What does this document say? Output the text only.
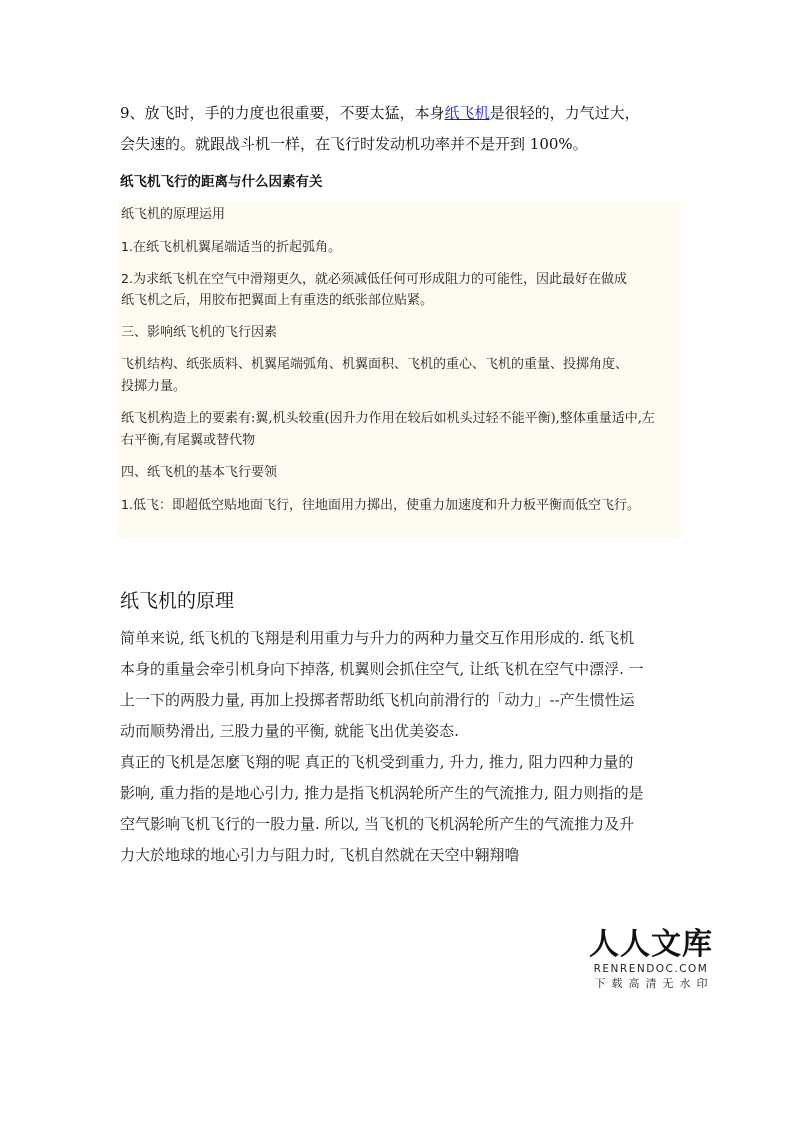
9、放飞时，手的力度也很重要，不要太猛，本身纸飞机是很轻的，力气过大，
会失速的。就跟战斗机一样，在飞行时发动机功率并不是开到 100%。
纸飞机飞行的距离与什么因素有关
纸飞机的原理运用
1.在纸飞机机翼尾端适当的折起弧角。
2.为求纸飞机在空气中滑翔更久，就必须减低任何可形成阻力的可能性，因此最好在做成
纸飞机之后，用胶布把翼面上有重迭的纸张部位贴紧。
三、影响纸飞机的飞行因素
飞机结构、纸张质料、机翼尾端弧角、机翼面积、飞机的重心、飞机的重量、投掷角度、
投掷力量。
纸飞机构造上的要素有:翼,机头较重(因升力作用在较后如机头过轻不能平衡),整体重量适中,左
右平衡,有尾翼或替代物
四、纸飞机的基本飞行要领
1.低飞：即超低空贴地面飞行，往地面用力掷出，使重力加速度和升力板平衡而低空飞行。
纸飞机的原理
简单来说, 纸飞机的飞翔是利用重力与升力的两种力量交互作用形成的. 纸飞机
本身的重量会牵引机身向下掉落, 机翼则会抓住空气, 让纸飞机在空气中漂浮. 一
上一下的两股力量, 再加上投掷者帮助纸飞机向前滑行的「动力」--产生惯性运
动而顺势滑出, 三股力量的平衡, 就能飞出优美姿态.
真正的飞机是怎麼飞翔的呢 真正的飞机受到重力, 升力, 推力, 阻力四种力量的
影响, 重力指的是地心引力, 推力是指飞机涡轮所产生的气流推力, 阻力则指的是
空气影响飞机飞行的一股力量. 所以, 当飞机的飞机涡轮所产生的气流推力及升
力大於地球的地心引力与阻力时, 飞机自然就在天空中翱翔噜
人人文库
RENRENDOC.COM
下载高清无水印
